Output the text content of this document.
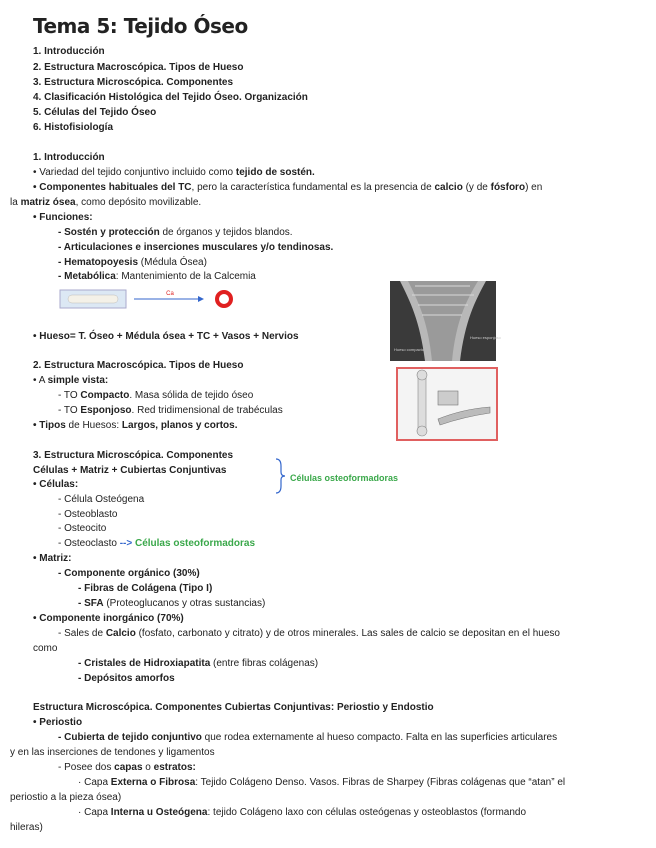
Tema 5: Tejido Óseo
1. Introducción
2. Estructura Macroscópica. Tipos de Hueso
3. Estructura Microscópica. Componentes
4. Clasificación Histológica del Tejido Óseo. Organización
5. Células del Tejido Óseo
6. Histofisiología
1. Introducción
• Variedad del tejido conjuntivo incluido como tejido de sostén.
• Componentes habituales del TC, pero la característica fundamental es la presencia de calcio (y de fósforo) en
la matriz ósea, como depósito movilizable.
• Funciones:
- Sostén y protección de órganos y tejidos blandos.
- Articulaciones e inserciones musculares y/o tendinosas.
- Hematopoyesis (Médula Ósea)
- Metabólica: Mantenimiento de la Calcemia
Ca
• Hueso= T. Óseo + Médula ósea + TC + Vasos + Nervios
Hueso compacto
Hueso esponjoso
2. Estructura Macroscópica. Tipos de Hueso
• A simple vista:
- TO Compacto. Masa sólida de tejido óseo
- TO Esponjoso. Red tridimensional de trabéculas
• Tipos de Huesos: Largos, planos y cortos.
3. Estructura Microscópica. Componentes
Células + Matriz + Cubiertas Conjuntivas
Células osteoformadoras
• Células:
- Célula Osteógena
- Osteoblasto
- Osteocito
- Osteoclasto --> Células osteoformadoras
• Matriz:
- Componente orgánico (30%)
- Fibras de Colágena (Tipo I)
- SFA (Proteoglucanos y otras sustancias)
• Componente inorgánico (70%)
- Sales de Calcio (fosfato, carbonato y citrato) y de otros minerales. Las sales de calcio se depositan en el hueso
como
- Cristales de Hidroxiapatita (entre fibras colágenas)
- Depósitos amorfos
Estructura Microscópica. Componentes Cubiertas Conjuntivas: Periostio y Endostio
• Periostio
- Cubierta de tejido conjuntivo que rodea externamente al hueso compacto. Falta en las superficies articulares
y en las inserciones de tendones y ligamentos
- Posee dos capas o estratos:
· Capa Externa o Fibrosa: Tejido Colágeno Denso. Vasos. Fibras de Sharpey (Fibras colágenas que “atan” el
periostio a la pieza ósea)
· Capa Interna u Osteógena: tejido Colágeno laxo con células osteógenas y osteoblastos (formando
hileras)
